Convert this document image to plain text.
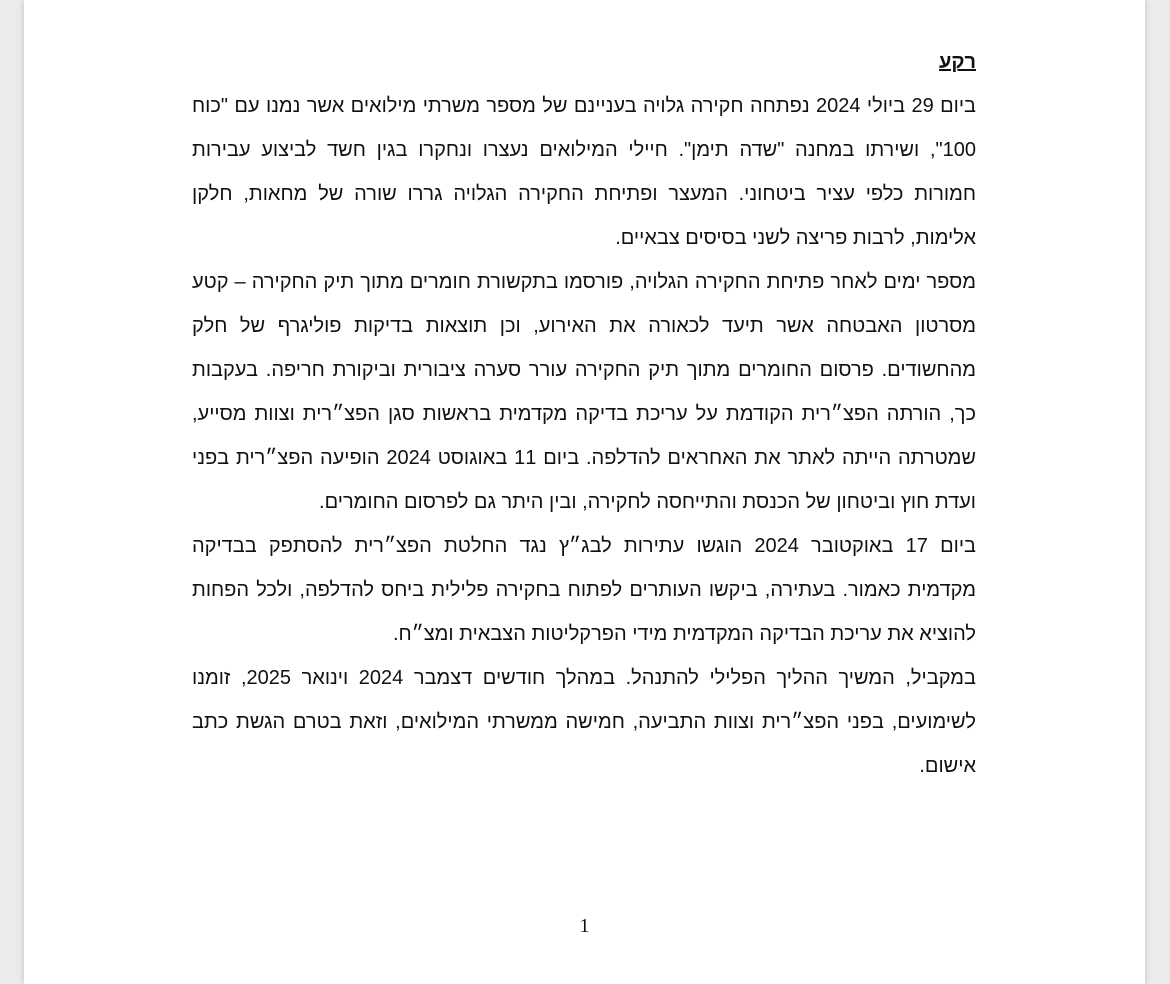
רקע

ביום 29 ביולי 2024 נפתחה חקירה גלויה בעניינם של מספר משרתי מילואים אשר נמנו עם "כוח 100", ושירתו במחנה "שדה תימן". חיילי המילואים נעצרו ונחקרו בגין חשד לביצוע עבירות חמורות כלפי עציר ביטחוני. המעצר ופתיחת החקירה הגלויה גררו שורה של מחאות, חלקן אלימות, לרבות פריצה לשני בסיסים צבאיים.

מספר ימים לאחר פתיחת החקירה הגלויה, פורסמו בתקשורת חומרים מתוך תיק החקירה – קטע מסרטון האבטחה אשר תיעד לכאורה את האירוע, וכן תוצאות בדיקות פוליגרף של חלק מהחשודים. פרסום החומרים מתוך תיק החקירה עורר סערה ציבורית וביקורת חריפה. בעקבות כך, הורתה הפצ״רית הקודמת על עריכת בדיקה מקדמית בראשות סגן הפצ״רית וצוות מסייע, שמטרתה הייתה לאתר את האחראים להדלפה. ביום 11 באוגוסט 2024 הופיעה הפצ״רית בפני ועדת חוץ וביטחון של הכנסת והתייחסה לחקירה, ובין היתר גם לפרסום החומרים.

ביום 17 באוקטובר 2024 הוגשו עתירות לבג״ץ נגד החלטת הפצ״רית להסתפק בבדיקה מקדמית כאמור. בעתירה, ביקשו העותרים לפתוח בחקירה פלילית ביחס להדלפה, ולכל הפחות להוציא את עריכת הבדיקה המקדמית מידי הפרקליטות הצבאית ומצ״ח.

במקביל, המשיך ההליך הפלילי להתנהל. במהלך חודשים דצמבר 2024 וינואר 2025, זומנו לשימועים, בפני הפצ״רית וצוות התביעה, חמישה ממשרתי המילואים, וזאת בטרם הגשת כתב אישום.

1
